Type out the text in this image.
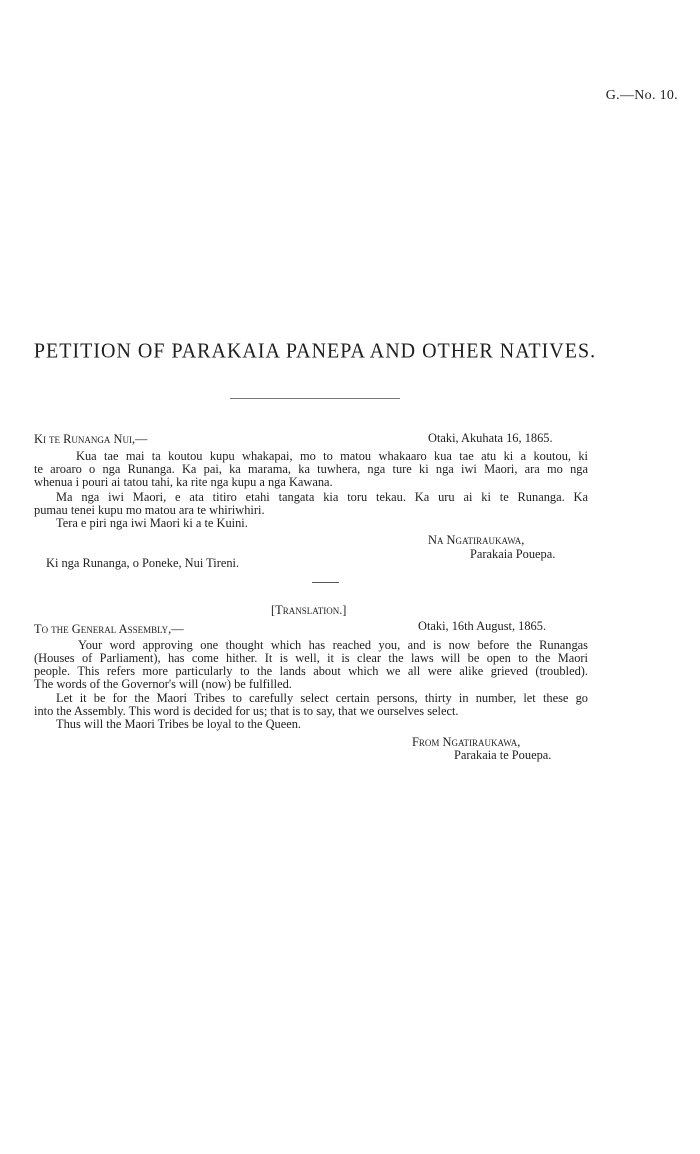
G.—No. 10.
PETITION OF PARAKAIA PANEPA AND OTHER NATIVES.
Ki te Runanga Nui,—	Otaki, Akuhata 16, 1865.
Kua tae mai ta koutou kupu whakapai, mo to matou whakaaro kua tae atu ki a koutou, ki
te aroaro o nga Runanga. Ka pai, ka marama, ka tuwhera, nga ture ki nga iwi Maori, ara mo nga
whenua i pouri ai tatou tahi, ka rite nga kupu a nga Kawana.
Ma nga iwi Maori, e ata titiro etahi tangata kia toru tekau. Ka uru ai ki te Runanga. Ka
pumau tenei kupu mo matou ara te whiriwhiri.
Tera e piri nga iwi Maori ki a te Kuini.
Na Ngatiraukawa,
Parakaia Pouepa.
Ki nga Runanga, o Poneke, Nui Tireni.
[Translation.]
To the General Assembly,—	Otaki, 16th August, 1865.
Your word approving one thought which has reached you, and is now before the Runangas
(Houses of Parliament), has come hither. It is well, it is clear the laws will be open to the Maori
people. This refers more particularly to the lands about which we all were alike grieved (troubled).
The words of the Governor's will (now) be fulfilled.
Let it be for the Maori Tribes to carefully select certain persons, thirty in number, let these go
into the Assembly. This word is decided for us; that is to say, that we ourselves select.
Thus will the Maori Tribes be loyal to the Queen.
From Ngatiraukawa,
Parakaia te Pouepa.
